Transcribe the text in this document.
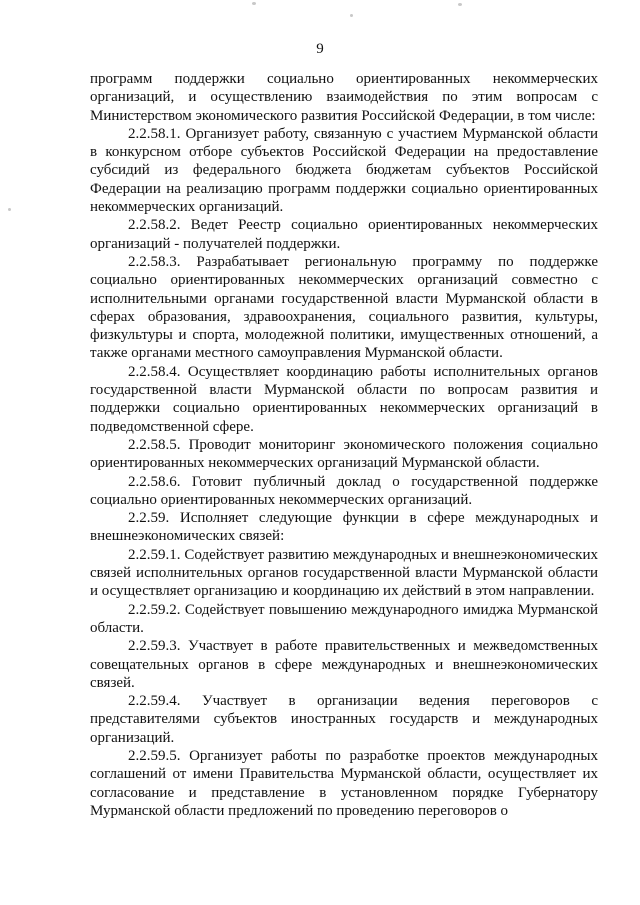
9

программ поддержки социально ориентированных некоммерческих организаций, и осуществлению взаимодействия по этим вопросам с Министерством экономического развития Российской Федерации, в том числе:

2.2.58.1. Организует работу, связанную с участием Мурманской области в конкурсном отборе субъектов Российской Федерации на предоставление субсидий из федерального бюджета бюджетам субъектов Российской Федерации на реализацию программ поддержки социально ориентированных некоммерческих организаций.

2.2.58.2. Ведет Реестр социально ориентированных некоммерческих организаций - получателей поддержки.

2.2.58.3. Разрабатывает региональную программу по поддержке социально ориентированных некоммерческих организаций совместно с исполнительными органами государственной власти Мурманской области в сферах образования, здравоохранения, социального развития, культуры, физкультуры и спорта, молодежной политики, имущественных отношений, а также органами местного самоуправления Мурманской области.

2.2.58.4. Осуществляет координацию работы исполнительных органов государственной власти Мурманской области по вопросам развития и поддержки социально ориентированных некоммерческих организаций в подведомственной сфере.

2.2.58.5. Проводит мониторинг экономического положения социально ориентированных некоммерческих организаций Мурманской области.

2.2.58.6. Готовит публичный доклад о государственной поддержке социально ориентированных некоммерческих организаций.

2.2.59. Исполняет следующие функции в сфере международных и внешнеэкономических связей:

2.2.59.1. Содействует развитию международных и внешнеэкономических связей исполнительных органов государственной власти Мурманской области и осуществляет организацию и координацию их действий в этом направлении.

2.2.59.2. Содействует повышению международного имиджа Мурманской области.

2.2.59.3. Участвует в работе правительственных и межведомственных совещательных органов в сфере международных и внешнеэкономических связей.

2.2.59.4. Участвует в организации ведения переговоров с представителями субъектов иностранных государств и международных организаций.

2.2.59.5. Организует работы по разработке проектов международных соглашений от имени Правительства Мурманской области, осуществляет их согласование и представление в установленном порядке Губернатору Мурманской области предложений по проведению переговоров о
